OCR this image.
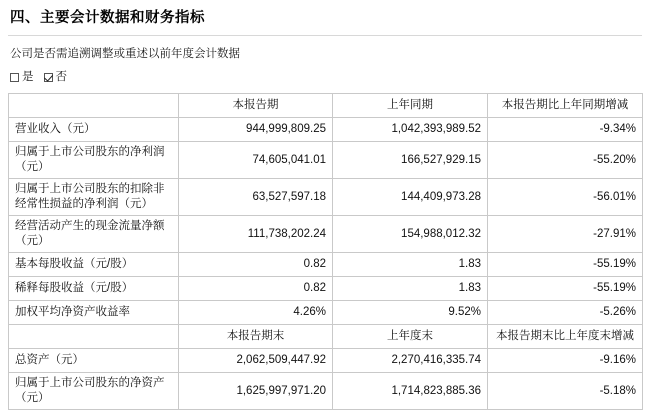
四、主要会计数据和财务指标
公司是否需追溯调整或重述以前年度会计数据
是 否
	本报告期	上年同期	本报告期比上年同期增减
营业收入（元）	944,999,809.25	1,042,393,989.52	-9.34%
归属于上市公司股东的净利润（元）	74,605,041.01	166,527,929.15	-55.20%
归属于上市公司股东的扣除非经常性损益的净利润（元）	63,527,597.18	144,409,973.28	-56.01%
经营活动产生的现金流量净额（元）	111,738,202.24	154,988,012.32	-27.91%
基本每股收益（元/股）	0.82	1.83	-55.19%
稀释每股收益（元/股）	0.82	1.83	-55.19%
加权平均净资产收益率	4.26%	9.52%	-5.26%
	本报告期末	上年度末	本报告期末比上年度末增减
总资产（元）	2,062,509,447.92	2,270,416,335.74	-9.16%
归属于上市公司股东的净资产（元）	1,625,997,971.20	1,714,823,885.36	-5.18%
